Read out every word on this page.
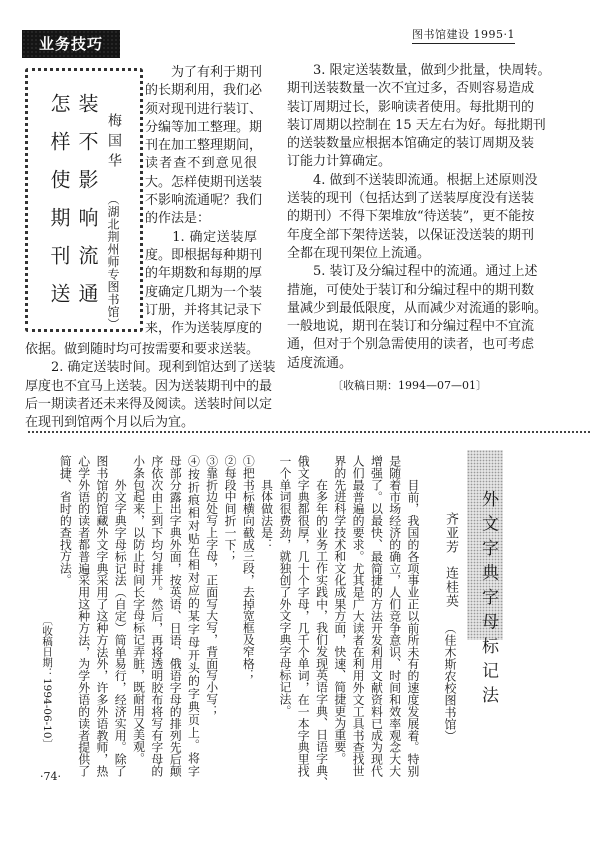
业务技巧
图书馆建设 1995·1
怎样使期刊送 装不影响流通 梅国华
（湖北荆州师专图书馆）
　　为了有利于期刊
的长期利用，我们必
须对现刊进行装订、
分编等加工整理。期
刊在加工整理期间，
读者查不到意见很
大。怎样使期刊送装
不影响流通呢？我们
的作法是：
　　1. 确定送装厚
度。即根据每种期刊
的年期数和每期的厚
度确定几期为一个装
订册，并将其记录下
来，作为送装厚度的
依据。做到随时均可按需要和要求送装。
　　2. 确定送装时间。现利到馆达到了送装
厚度也不宜马上送装。因为送装期刊中的最
后一期读者还未来得及阅读。送装时间以定
在现刊到馆两个月以后为宜。
　　3. 限定送装数量，做到少批量，快周转。
期刊送装数量一次不宜过多，否则容易造成
装订周期过长，影响读者使用。每批期刊的
装订周期以控制在 15 天左右为好。每批期刊
的送装数量应根据本馆确定的装订周期及装
订能力计算确定。
　　4. 做到不送装即流通。根据上述原则没
送装的现刊（包括达到了送装厚度没有送装
的期刊）不得下架堆放“待送装”，更不能按
年度全部下架待送装，以保证没送装的期刊
全都在现刊架位上流通。
　　5. 装订及分编过程中的流通。通过上述
措施，可使处于装订和分编过程中的期刊数
量减少到最低限度，从而减少对流通的影响。
一般地说，期刊在装订和分编过程中不宜流
通，但对于个别急需使用的读者，也可考虑
适度流通。
〔收稿日期：1994—07—01〕
外文字典字母标记法
齐亚芳连桂英（佳木斯农校图书馆）
　　目前，我国的各项事业正以前所未有的速度发展着。特别
是随着市场经济的确立，人们竞争意识、时间和效率观念大大
增强了。以最快、最简捷的方法开发利用文献资料已成为现代
人们最普遍的要求。尤其是广大读者在利用外文工具书查找世
界的先进科学技术和文化成果方面，快速、简捷更为重要。
　　在多年的业务工作实践中，我们发现英语字典、日语字典、
俄文字典都很厚，几十个字母，几千个单词，在一本字典里找
一个单词很费劲，就独创了外文字典字母标记法。
　　具体做法是：
①把书标横向截成三段，去掉宽框及窄格；
②每段中间折一下；
③靠折边处写上字母，正面写大写，背面写小写；
④按折痕相对贴在相对应的某字母开头的字典页上。将字
母部分露出字典外面，按英语、日语、俄语字母的排列先后颠
序依次由上到下均匀排开。然后，再将透明胶布将写有字母的
小条包起来，以防止时间长字母标记弄脏，既耐用又美观。
　　外文字典字母标记法（自定）简单易行，经济实用。除了
图书馆的馆藏外文字典采用了这种方法外，许多外语教师，热
心学外语的读者都普遍采用这种方法，为学外语的读者提供了
简捷、省时的查找方法。
〔收稿日期：1994-06-10〕
·74·
